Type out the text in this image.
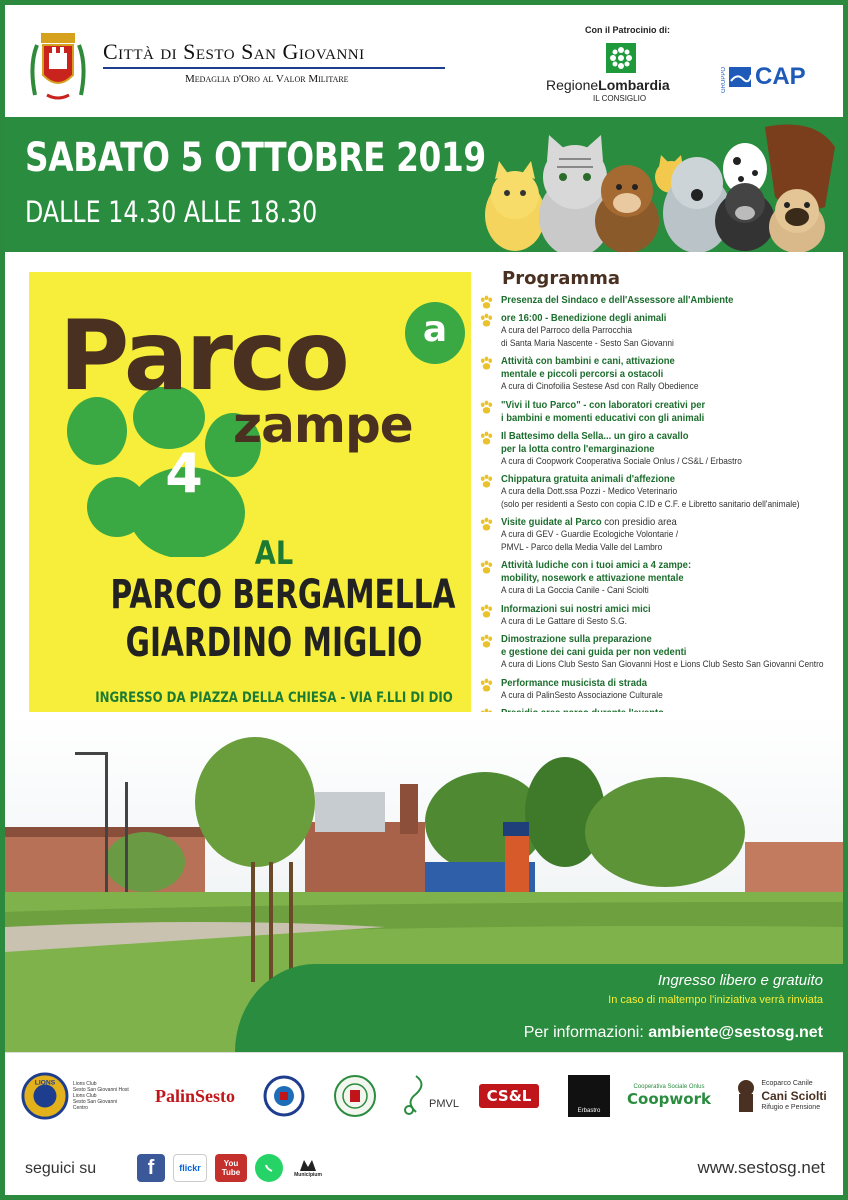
Città di Sesto San Giovanni
Medaglia d'Oro al Valor Militare
Con il Patrocinio di:
RegioneLombardia
IL CONSIGLIO
GRUPPO CAP
SABATO 5 OTTOBRE 2019
DALLE 14.30 ALLE 18.30
Parco	a
zampe
4
AL
PARCO BERGAMELLA
GIARDINO MIGLIO
INGRESSO DA PIAZZA DELLA CHIESA - VIA F.LLI DI DIO
Programma
Presenza del Sindaco e dell'Assessore all'Ambiente
ore 16:00 - Benedizione degli animali
A cura del Parroco della Parrocchia
di Santa Maria Nascente - Sesto San Giovanni
Attività con bambini e cani, attivazione
mentale e piccoli percorsi a ostacoli
A cura di Cinofoilia Sestese Asd con Rally Obedience
"Vivi il tuo Parco" - con laboratori creativi per
i bambini e momenti educativi con gli animali
Il Battesimo della Sella... un giro a cavallo
per la lotta contro l'emarginazione
A cura di Coopwork Cooperativa Sociale Onlus / CS&L / Erbastro
Chippatura gratuita animali d'affezione
A cura della Dott.ssa Pozzi - Medico Veterinario
(solo per residenti a Sesto con copia C.ID e C.F. e Libretto sanitario dell'animale)
Visite guidate al Parco con presidio area
A cura di GEV - Guardie Ecologiche Volontarie /
PMVL - Parco della Media Valle del Lambro
Attività ludiche con i tuoi amici a 4 zampe:
mobility, nosework e attivazione mentale
A cura di La Goccia Canile - Cani Sciolti
Informazioni sui nostri amici mici
A cura di Le Gattare di Sesto S.G.
Dimostrazione sulla preparazione
e gestione dei cani guida per non vedenti
A cura di Lions Club Sesto San Giovanni Host e Lions Club Sesto San Giovanni Centro
Performance musicista di strada
A cura di PalinSesto Associazione Culturale
Ingresso libero e gratuito
In caso di maltempo l'iniziativa verrà rinviata
Per informazioni: ambiente@sestosg.net
LIONS	Lions Club
Sesto San Giovanni Host
Lions Club
Sesto San Giovanni Centro
PalinSesto	PMVL	CS&L
Erbastro
Cooperativa Sociale Onlus
Coopwork
Ecoparco Canile
Cani Sciolti
Rifugio e Pensione
seguici su	f	flickr	You Tube	Municipium	www.sestosg.net
